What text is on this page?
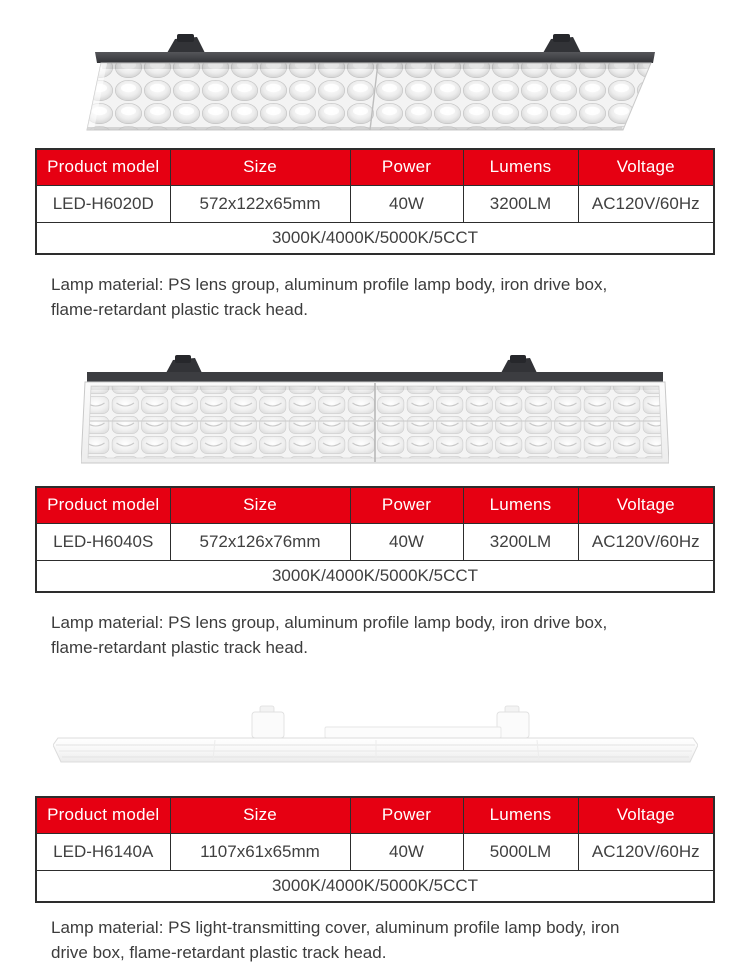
Product model	Size	Power	Lumens	Voltage
LED-H6020D	572x122x65mm	40W	3200LM	AC120V/60Hz
3000K/4000K/5000K/5CCT				

Lamp material: PS lens group, aluminum profile lamp body, iron drive box, flame-retardant plastic track head.

Product model	Size	Power	Lumens	Voltage
LED-H6040S	572x126x76mm	40W	3200LM	AC120V/60Hz
3000K/4000K/5000K/5CCT				

Lamp material: PS lens group, aluminum profile lamp body, iron drive box, flame-retardant plastic track head.

Product model	Size	Power	Lumens	Voltage
LED-H6140A	1107x61x65mm	40W	5000LM	AC120V/60Hz
3000K/4000K/5000K/5CCT				

Lamp material: PS light-transmitting cover, aluminum profile lamp body, iron drive box, flame-retardant plastic track head.
